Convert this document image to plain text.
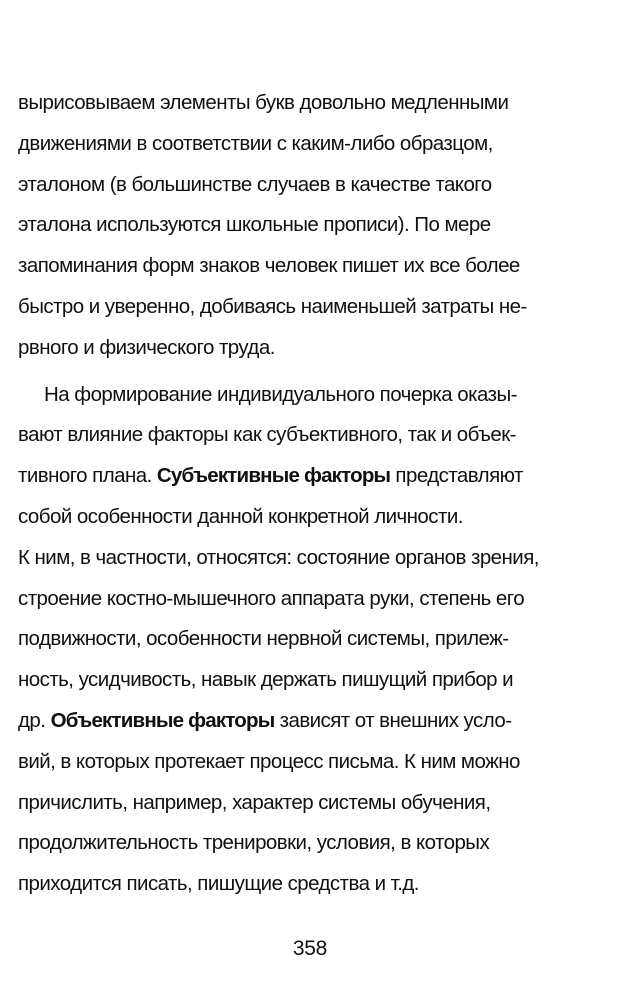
вырисовываем элементы букв довольно медленными
движениями в соответствии с каким-либо образцом,
эталоном (в большинстве случаев в качестве такого
эталона используются школьные прописи). По мере
запоминания форм знаков человек пишет их все более
быстро и уверенно, добиваясь наименьшей затраты не-
рвного и физического труда.
На формирование индивидуального почерка оказы-
вают влияние факторы как субъективного, так и объек-
тивного плана. Субъективные факторы представляют
собой особенности данной конкретной личности.
К ним, в частности, относятся: состояние органов зрения,
строение костно-мышечного аппарата руки, степень его
подвижности, особенности нервной системы, прилеж-
ность, усидчивость, навык держать пишущий прибор и
др. Объективные факторы зависят от внешних усло-
вий, в которых протекает процесс письма. К ним можно
причислить, например, характер системы обучения,
продолжительность тренировки, условия, в которых
приходится писать, пишущие средства и т.д.
358
